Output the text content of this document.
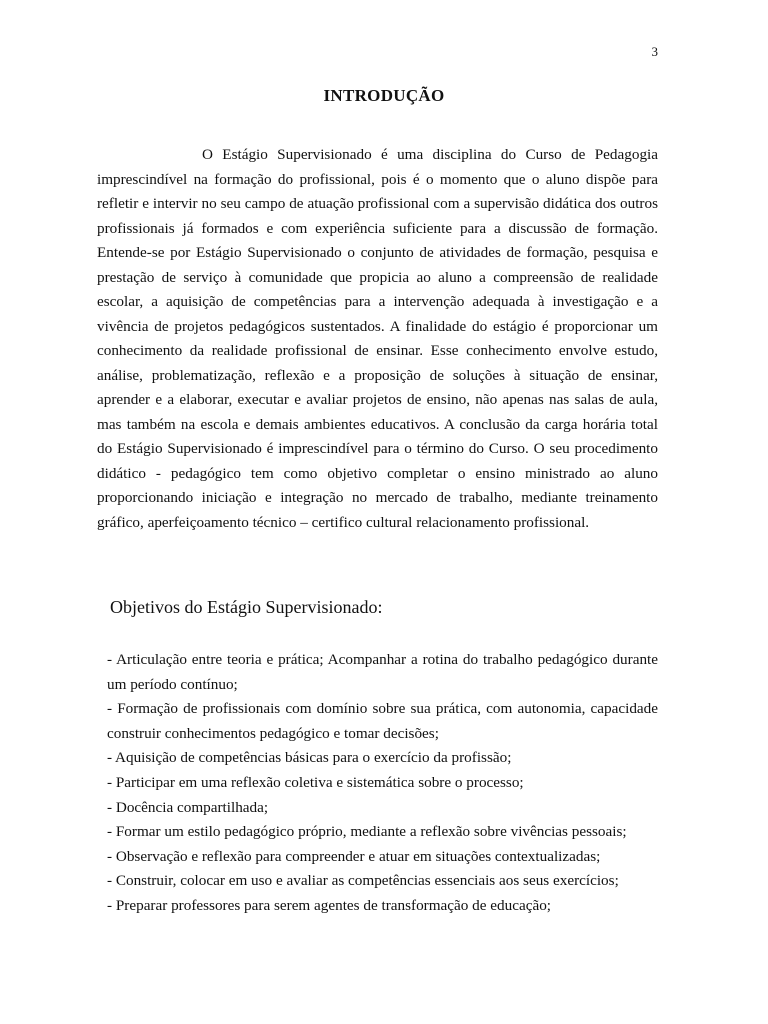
3
INTRODUÇÃO

O Estágio Supervisionado é uma disciplina do Curso de Pedagogia imprescindível na formação do profissional, pois é o momento que o aluno dispõe para refletir e intervir no seu campo de atuação profissional com a supervisão didática dos outros profissionais já formados e com experiência suficiente para a discussão de formação. Entende-se por Estágio Supervisionado o conjunto de atividades de formação, pesquisa e prestação de serviço à comunidade que propicia ao aluno a compreensão de realidade escolar, a aquisição de competências para a intervenção adequada à investigação e a vivência de projetos pedagógicos sustentados. A finalidade do estágio é proporcionar um conhecimento da realidade profissional de ensinar. Esse conhecimento envolve estudo, análise, problematização, reflexão e a proposição de soluções à situação de ensinar, aprender e a elaborar, executar e avaliar projetos de ensino, não apenas nas salas de aula, mas também na escola e demais ambientes educativos. A conclusão da carga horária total do Estágio Supervisionado é imprescindível para o término do Curso. O seu procedimento didático - pedagógico tem como objetivo completar o ensino ministrado ao aluno proporcionando iniciação e integração no mercado de trabalho, mediante treinamento gráfico, aperfeiçoamento técnico – certifico cultural relacionamento profissional.

Objetivos do Estágio Supervisionado:
- Articulação entre teoria e prática; Acompanhar a rotina do trabalho pedagógico durante um período contínuo;
- Formação de profissionais com domínio sobre sua prática, com autonomia, capacidade construir conhecimentos pedagógico e tomar decisões;
- Aquisição de competências básicas para o exercício da profissão;
- Participar em uma reflexão coletiva e sistemática sobre o processo;
- Docência compartilhada;
- Formar um estilo pedagógico próprio, mediante a reflexão sobre vivências pessoais;
- Observação e reflexão para compreender e atuar em situações contextualizadas;
- Construir, colocar em uso e avaliar as competências essenciais aos seus exercícios;
- Preparar professores para serem agentes de transformação de educação;
